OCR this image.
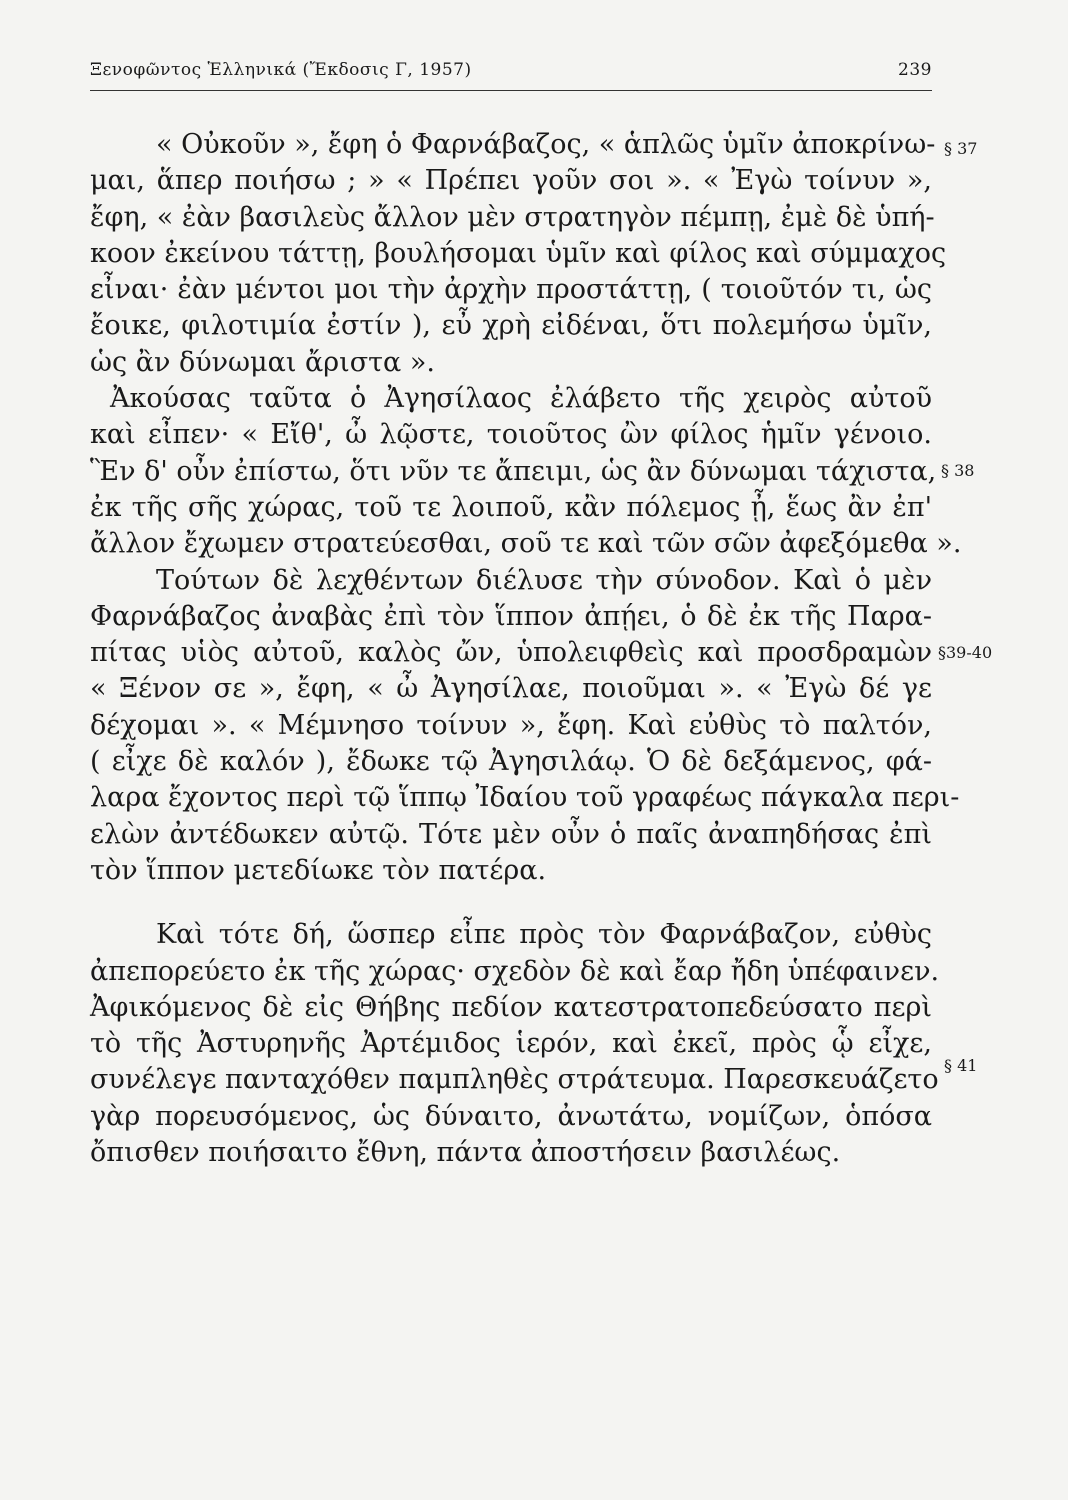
Ξενοφῶντος Ἑλληνικά (Ἔκδοσις Γ, 1957)	239
§ 37
§ 38
§39-40
§ 41
« Οὐκοῦν », ἔφη ὁ Φαρνάβαζος, « ἁπλῶς ὑμῖν ἀποκρίνω-
μαι, ἅπερ ποιήσω ; » « Πρέπει γοῦν σοι ». « Ἐγὼ τοίνυν »,
ἔφη, « ἐὰν βασιλεὺς ἄλλον μὲν στρατηγὸν πέμπῃ, ἐμὲ δὲ ὑπή-
κοον ἐκείνου τάττῃ, βουλήσομαι ὑμῖν καὶ φίλος καὶ σύμμαχος
εἶναι· ἐὰν μέντοι μοι τὴν ἀρχὴν προστάττῃ, ( τοιοῦτόν τι, ὡς
ἔοικε, φιλοτιμία ἐστίν ), εὖ χρὴ εἰδέναι, ὅτι πολεμήσω ὑμῖν,
ὡς ἂν δύνωμαι ἄριστα ».
Ἀκούσας ταῦτα ὁ Ἀγησίλαος ἐλάβετο τῆς χειρὸς αὐτοῦ
καὶ εἶπεν· « Εἴθ', ὦ λῷστε, τοιοῦτος ὢν φίλος ἡμῖν γένοιο.
Ἓν δ' οὖν ἐπίστω, ὅτι νῦν τε ἄπειμι, ὡς ἂν δύνωμαι τάχιστα,
ἐκ τῆς σῆς χώρας, τοῦ τε λοιποῦ, κἂν πόλεμος ᾖ, ἕως ἂν ἐπ'
ἄλλον ἔχωμεν στρατεύεσθαι, σοῦ τε καὶ τῶν σῶν ἀφεξόμεθα ».
Τούτων δὲ λεχθέντων διέλυσε τὴν σύνοδον. Καὶ ὁ μὲν
Φαρνάβαζος ἀναβὰς ἐπὶ τὸν ἵππον ἀπῄει, ὁ δὲ ἐκ τῆς Παρα-
πίτας υἱὸς αὐτοῦ, καλὸς ὤν, ὑπολειφθεὶς καὶ προσδραμὼν
« Ξένον σε », ἔφη, « ὦ Ἀγησίλαε, ποιοῦμαι ». « Ἐγὼ δέ γε
δέχομαι ». « Μέμνησο τοίνυν », ἔφη. Καὶ εὐθὺς τὸ παλτόν,
( εἶχε δὲ καλόν ), ἔδωκε τῷ Ἀγησιλάῳ. Ὁ δὲ δεξάμενος, φά-
λαρα ἔχοντος περὶ τῷ ἵππῳ Ἰδαίου τοῦ γραφέως πάγκαλα περι-
ελὼν ἀντέδωκεν αὐτῷ. Τότε μὲν οὖν ὁ παῖς ἀναπηδήσας ἐπὶ
τὸν ἵππον μετεδίωκε τὸν πατέρα.
Καὶ τότε δή, ὥσπερ εἶπε πρὸς τὸν Φαρνάβαζον, εὐθὺς
ἀπεπορεύετο ἐκ τῆς χώρας· σχεδὸν δὲ καὶ ἔαρ ἤδη ὑπέφαινεν.
Ἀφικόμενος δὲ εἰς Θήβης πεδίον κατεστρατοπεδεύσατο περὶ
τὸ τῆς Ἀστυρηνῆς Ἀρτέμιδος ἱερόν, καὶ ἐκεῖ, πρὸς ᾧ εἶχε,
συνέλεγε πανταχόθεν παμπληθὲς στράτευμα. Παρεσκευάζετο
γὰρ πορευσόμενος, ὡς δύναιτο, ἀνωτάτω, νομίζων, ὁπόσα
ὄπισθεν ποιήσαιτο ἔθνη, πάντα ἀποστήσειν βασιλέως.
